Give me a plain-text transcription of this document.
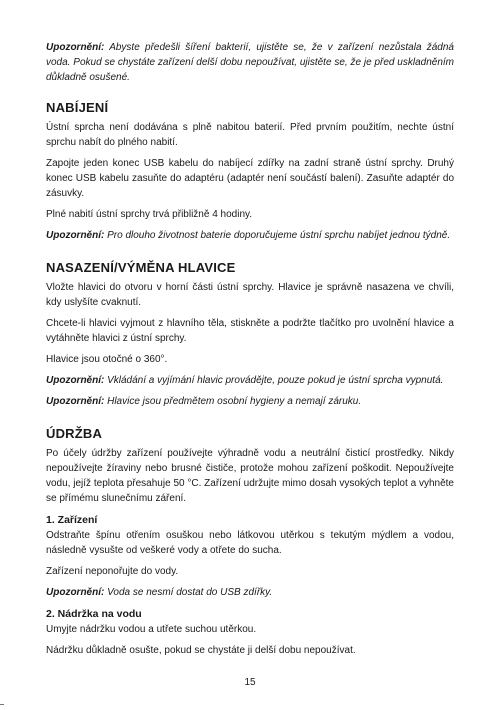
Upozornění: Abyste předešli šíření bakterií, ujistěte se, že v zařízení nezůstala žádná voda. Pokud se chystáte zařízení delší dobu nepoužívat, ujistěte se, že je před uskladněním důkladně osušené.

NABÍJENÍ

Ústní sprcha není dodávána s plně nabitou baterií. Před prvním použitím, nechte ústní sprchu nabít do plného nabití.

Zapojte jeden konec USB kabelu do nabíjecí zdířky na zadní straně ústní sprchy. Druhý konec USB kabelu zasuňte do adaptéru (adaptér není součástí balení). Zasuňte adaptér do zásuvky.

Plné nabití ústní sprchy trvá přibližně 4 hodiny.

Upozornění: Pro dlouho životnost baterie doporučujeme ústní sprchu nabíjet jednou týdně.

NASAZENÍ/VÝMĚNA HLAVICE

Vložte hlavici do otvoru v horní části ústní sprchy. Hlavice je správně nasazena ve chvíli, kdy uslyšíte cvaknutí.

Chcete-li hlavici vyjmout z hlavního těla, stiskněte a podržte tlačítko pro uvolnění hlavice a vytáhněte hlavici z ústní sprchy.

Hlavice jsou otočné o 360°.

Upozornění: Vkládání a vyjímání hlavic provádějte, pouze pokud je ústní sprcha vypnutá.

Upozornění: Hlavice jsou předmětem osobní hygieny a nemají záruku.

ÚDRŽBA

Po účely údržby zařízení používejte výhradně vodu a neutrální čisticí prostředky. Nikdy nepoužívejte žíraviny nebo brusné čističe, protože mohou zařízení poškodit. Nepoužívejte vodu, jejíž teplota přesahuje 50 °C. Zařízení udržujte mimo dosah vysokých teplot a vyhněte se přímému slunečnímu záření.

1. Zařízení

Odstraňte špínu otřením osuškou nebo látkovou utěrkou s tekutým mýdlem a vodou, následně vysušte od veškeré vody a otřete do sucha.

Zařízení neponořujte do vody.

Upozornění: Voda se nesmí dostat do USB zdířky.

2. Nádržka na vodu

Umyjte nádržku vodou a utřete suchou utěrkou.

Nádržku důkladně osušte, pokud se chystáte ji delší dobu nepoužívat.

15
